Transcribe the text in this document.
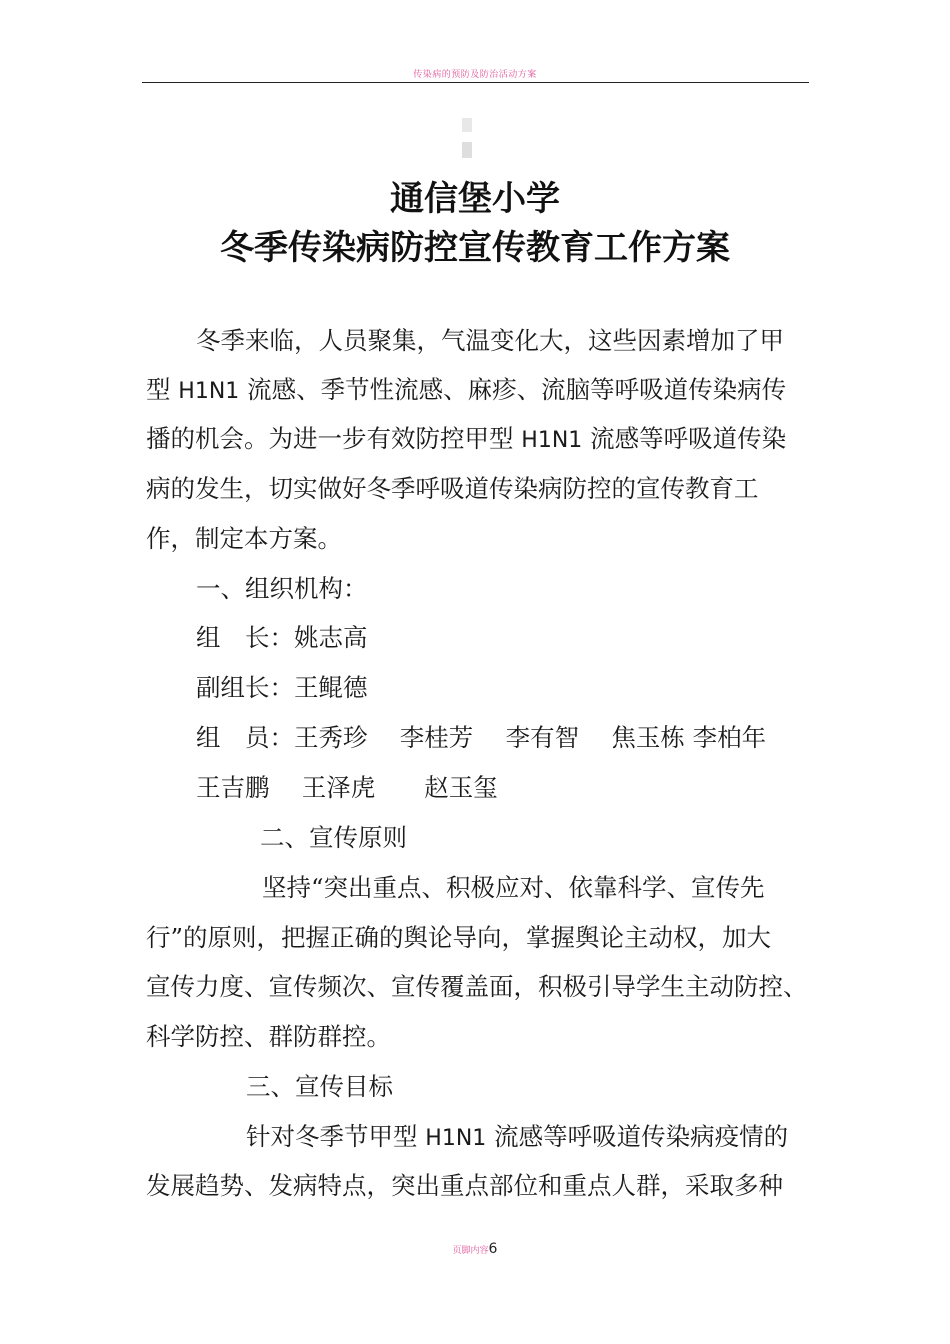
传染病的预防及防治活动方案
通信堡小学
冬季传染病防控宣传教育工作方案
冬季来临，人员聚集，气温变化大，这些因素增加了甲
型 H1N1 流感、季节性流感、麻疹、流脑等呼吸道传染病传
播的机会。为进一步有效防控甲型 H1N1 流感等呼吸道传染
病的发生，切实做好冬季呼吸道传染病防控的宣传教育工
作，制定本方案。
一、组织机构：
组　长：姚志高
副组长：王鲲德
组　员：王秀珍　 李桂芳　 李有智　 焦玉栋 李柏年
王吉鹏　 王泽虎　　赵玉玺
二、宣传原则
坚持“突出重点、积极应对、依靠科学、宣传先
行”的原则，把握正确的舆论导向，掌握舆论主动权，加大
宣传力度、宣传频次、宣传覆盖面，积极引导学生主动防控、
科学防控、群防群控。
三、宣传目标
针对冬季节甲型 H1N1 流感等呼吸道传染病疫情的
发展趋势、发病特点，突出重点部位和重点人群，采取多种
页脚内容6
